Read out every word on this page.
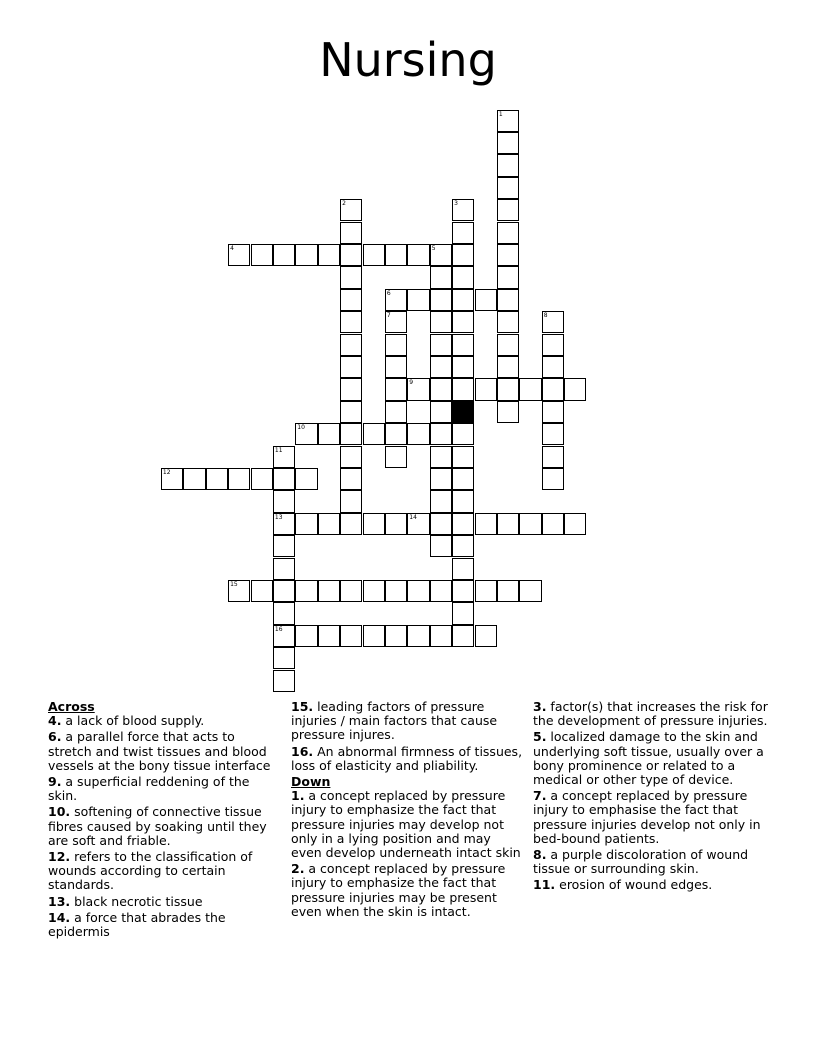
Nursing
1
2	3
4	5
6
7	8
9
10
11
13
16
12
14
15
Across
4. a lack of blood supply.
6. a parallel force that acts to stretch and twist tissues and blood vessels at the bony tissue interface
9. a superficial reddening of the skin.
10. softening of connective tissue fibres caused by soaking until they are soft and friable.
12. refers to the classification of wounds according to certain standards.
13. black necrotic tissue
14. a force that abrades the epidermis
15. leading factors of pressure injuries / main factors that cause pressure injures.
16. An abnormal firmness of tissues, loss of elasticity and pliability.
Down
1. a concept replaced by pressure injury to emphasize the fact that pressure injuries may develop not only in a lying position and may even develop underneath intact skin
2. a concept replaced by pressure injury to emphasize the fact that pressure injuries may be present even when the skin is intact.
3. factor(s) that increases the risk for the development of pressure injuries.
5. localized damage to the skin and underlying soft tissue, usually over a bony prominence or related to a medical or other type of device.
7. a concept replaced by pressure injury to emphasise the fact that pressure injuries develop not only in bed-bound patients.
8. a purple discoloration of wound tissue or surrounding skin.
11. erosion of wound edges.
